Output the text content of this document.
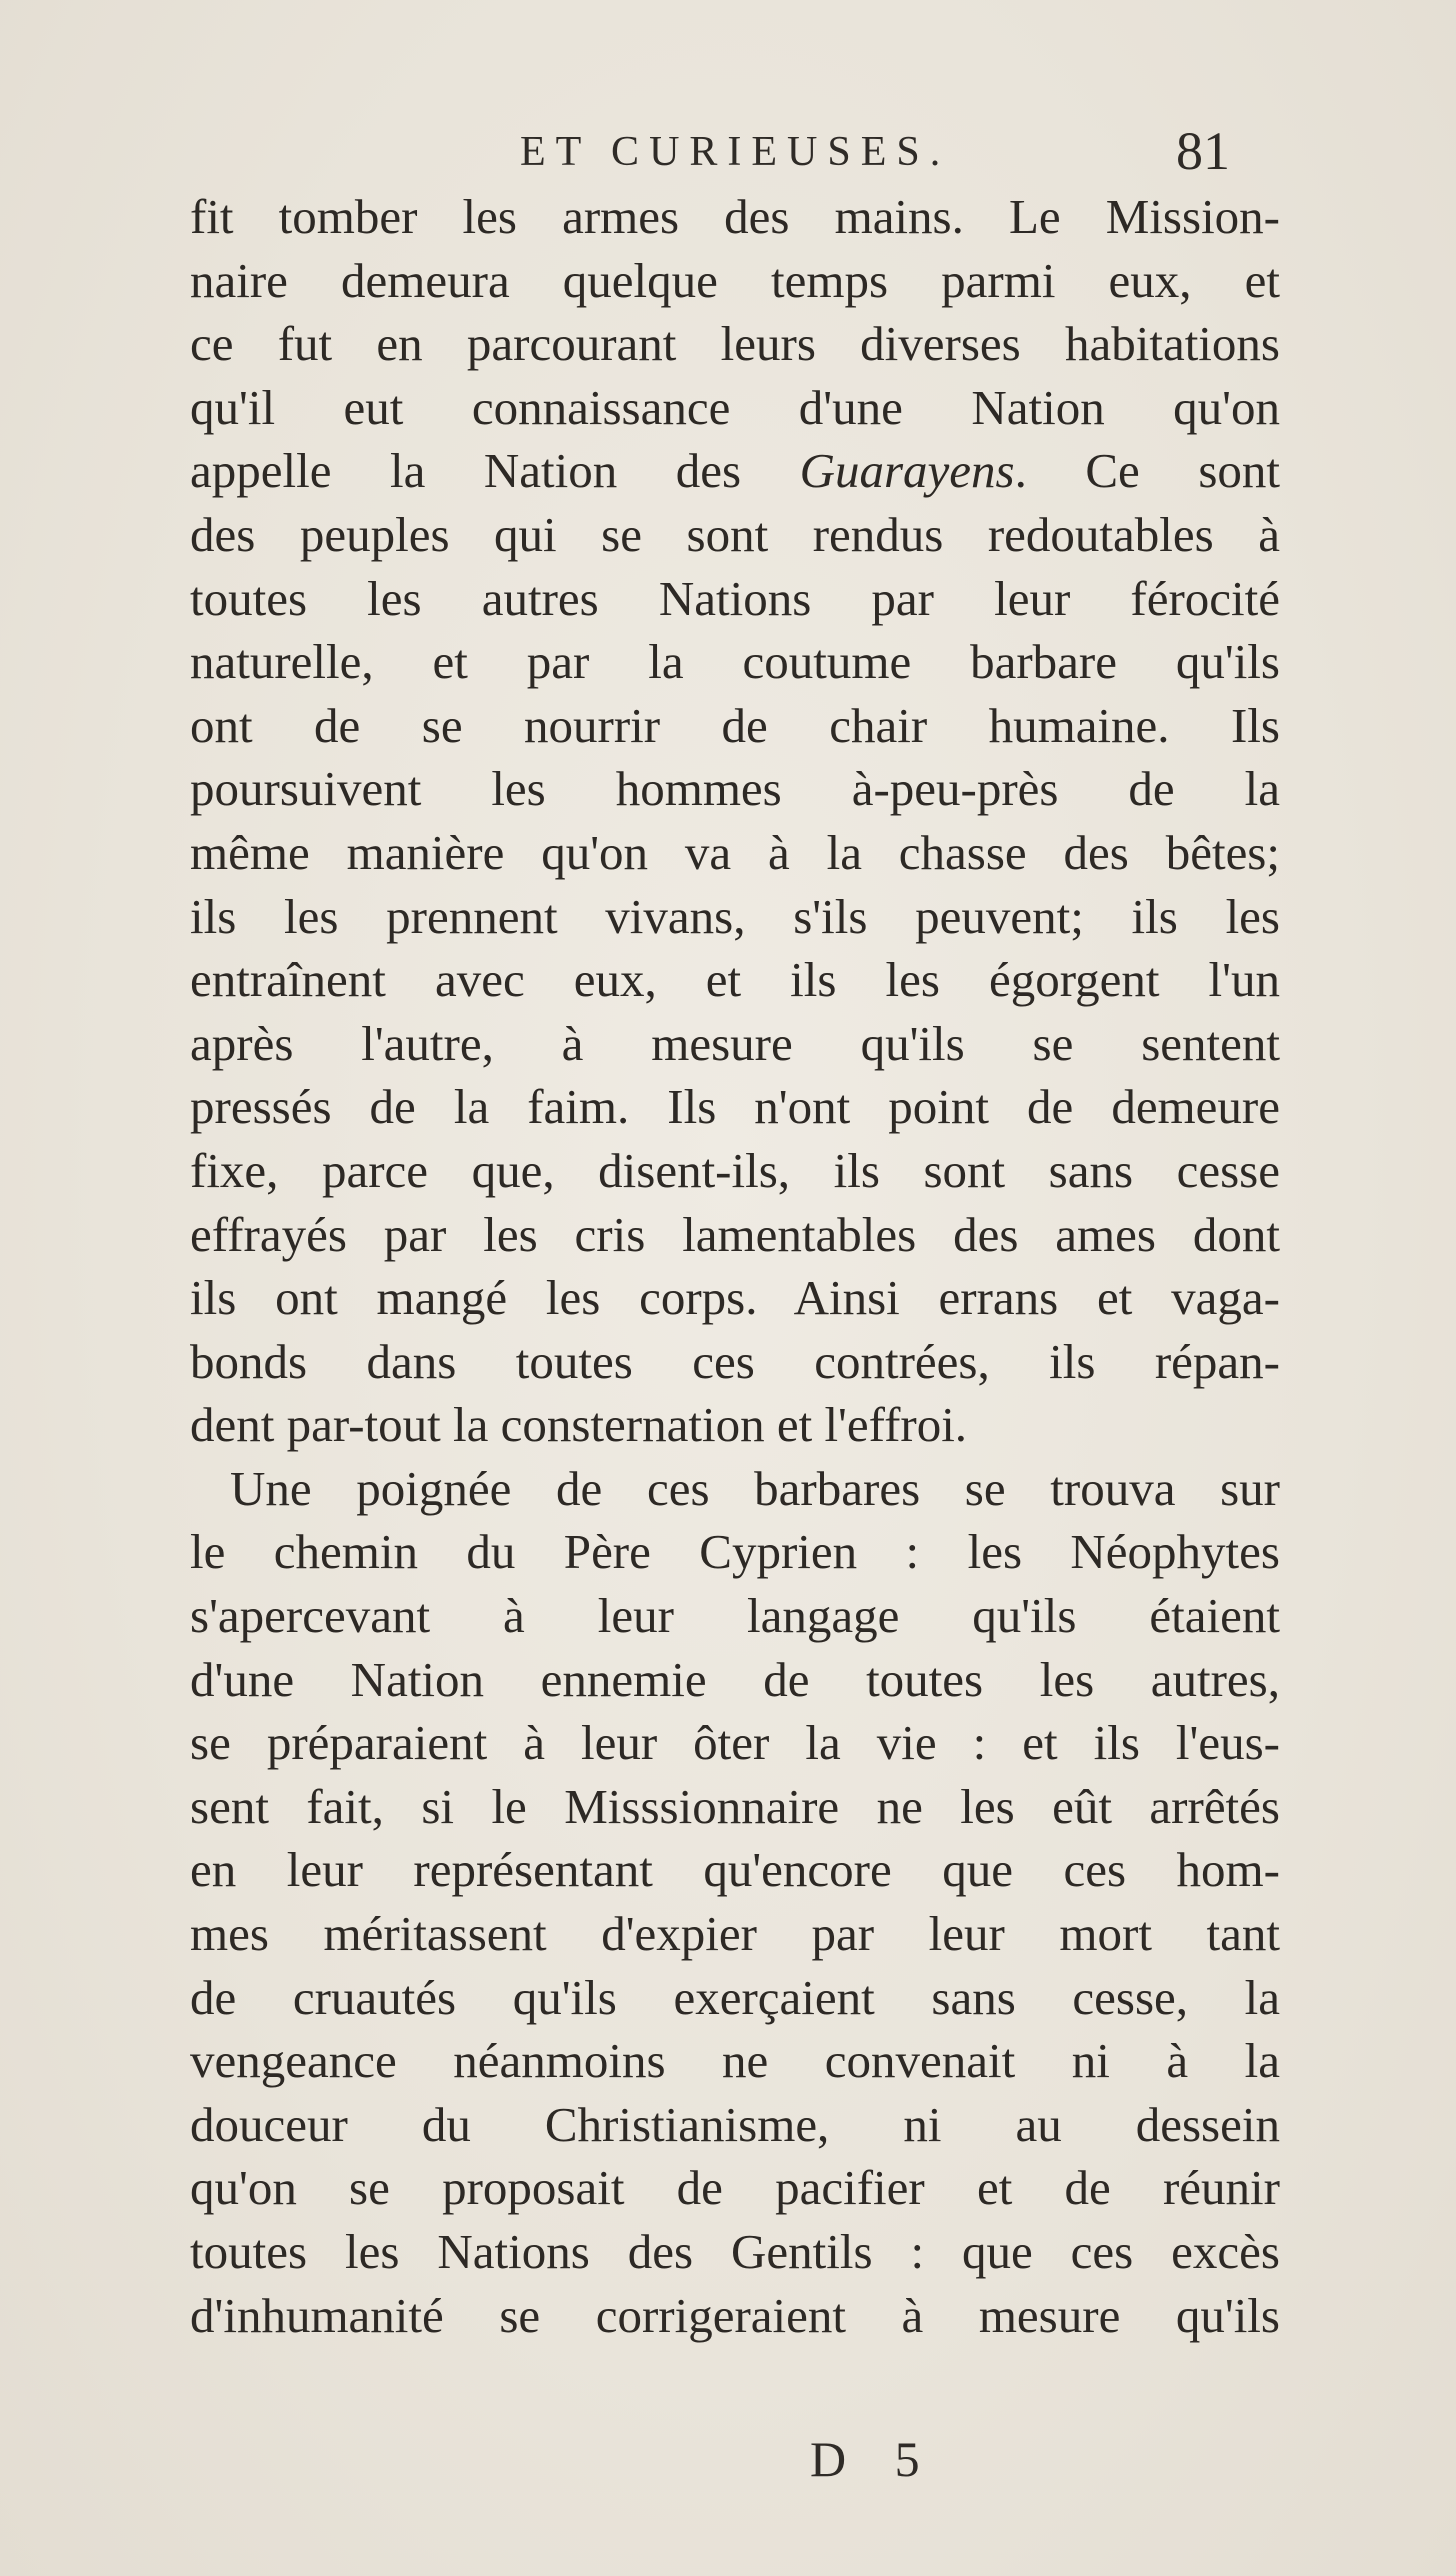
ET CURIEUSES.	81
fit tomber les armes des mains. Le Mission-
naire demeura quelque temps parmi eux, et
ce fut en parcourant leurs diverses habitations
qu'il eut connaissance d'une Nation qu'on
appelle la Nation des Guarayens. Ce sont
des peuples qui se sont rendus redoutables à
toutes les autres Nations par leur férocité
naturelle, et par la coutume barbare qu'ils
ont de se nourrir de chair humaine. Ils
poursuivent les hommes à-peu-près de la
même manière qu'on va à la chasse des bêtes;
ils les prennent vivans, s'ils peuvent; ils les
entraînent avec eux, et ils les égorgent l'un
après l'autre, à mesure qu'ils se sentent
pressés de la faim. Ils n'ont point de demeure
fixe, parce que, disent-ils, ils sont sans cesse
effrayés par les cris lamentables des ames dont
ils ont mangé les corps. Ainsi errans et vaga-
bonds dans toutes ces contrées, ils répan-
dent par-tout la consternation et l'effroi.
Une poignée de ces barbares se trouva sur
le chemin du Père Cyprien : les Néophytes
s'apercevant à leur langage qu'ils étaient
d'une Nation ennemie de toutes les autres,
se préparaient à leur ôter la vie : et ils l'eus-
sent fait, si le Misssionnaire ne les eût arrêtés
en leur représentant qu'encore que ces hom-
mes méritassent d'expier par leur mort tant
de cruautés qu'ils exerçaient sans cesse, la
vengeance néanmoins ne convenait ni à la
douceur du Christianisme, ni au dessein
qu'on se proposait de pacifier et de réunir
toutes les Nations des Gentils : que ces excès
d'inhumanité se corrigeraient à mesure qu'ils
D 5
